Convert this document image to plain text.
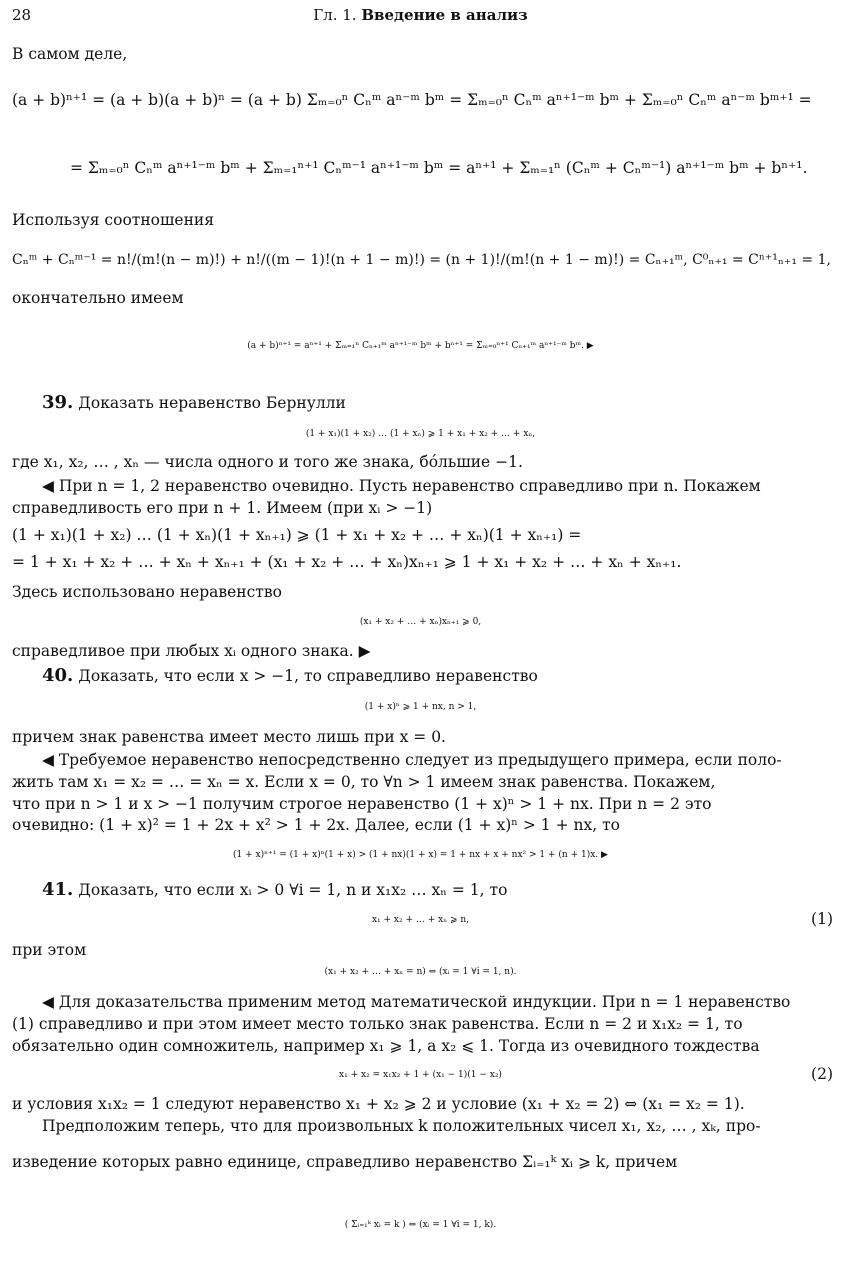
28	Гл. 1. Введение в анализ
В самом деле,
(a + b)ⁿ⁺¹ = (a + b)(a + b)ⁿ = (a + b) Σₘ₌₀ⁿ Cₙᵐ aⁿ⁻ᵐ bᵐ = Σₘ₌₀ⁿ Cₙᵐ aⁿ⁺¹⁻ᵐ bᵐ + Σₘ₌₀ⁿ Cₙᵐ aⁿ⁻ᵐ bᵐ⁺¹ =
= Σₘ₌₀ⁿ Cₙᵐ aⁿ⁺¹⁻ᵐ bᵐ + Σₘ₌₁ⁿ⁺¹ Cₙᵐ⁻¹ aⁿ⁺¹⁻ᵐ bᵐ = aⁿ⁺¹ + Σₘ₌₁ⁿ (Cₙᵐ + Cₙᵐ⁻¹) aⁿ⁺¹⁻ᵐ bᵐ + bⁿ⁺¹.
Используя соотношения
Cₙᵐ + Cₙᵐ⁻¹ = n!/(m!(n − m)!) + n!/((m − 1)!(n + 1 − m)!) = (n + 1)!/(m!(n + 1 − m)!) = Cₙ₊₁ᵐ, C⁰ₙ₊₁ = Cⁿ⁺¹ₙ₊₁ = 1,
окончательно имеем
(a + b)ⁿ⁺¹ = aⁿ⁺¹ + Σₘ₌₁ⁿ Cₙ₊₁ᵐ aⁿ⁺¹⁻ᵐ bᵐ + bⁿ⁺¹ = Σₘ₌₀ⁿ⁺¹ Cₙ₊₁ᵐ aⁿ⁺¹⁻ᵐ bᵐ. ▶
39. Доказать неравенство Бернулли
(1 + x₁)(1 + x₂) … (1 + xₙ) ⩾ 1 + x₁ + x₂ + … + xₙ,
где x₁, x₂, … , xₙ — числа одного и того же знака, бо́льшие −1.
◀ При n = 1, 2 неравенство очевидно. Пусть неравенство справедливо при n. Покажем
справедливость его при n + 1. Имеем (при xᵢ > −1)
(1 + x₁)(1 + x₂) … (1 + xₙ)(1 + xₙ₊₁) ⩾ (1 + x₁ + x₂ + … + xₙ)(1 + xₙ₊₁) =
= 1 + x₁ + x₂ + … + xₙ + xₙ₊₁ + (x₁ + x₂ + … + xₙ)xₙ₊₁ ⩾ 1 + x₁ + x₂ + … + xₙ + xₙ₊₁.
Здесь использовано неравенство
(x₁ + x₂ + … + xₙ)xₙ₊₁ ⩾ 0,
справедливое при любых xᵢ одного знака. ▶
40. Доказать, что если x > −1, то справедливо неравенство
(1 + x)ⁿ ⩾ 1 + nx, n > 1,
причем знак равенства имеет место лишь при x = 0.
◀ Требуемое неравенство непосредственно следует из предыдущего примера, если поло-
жить там x₁ = x₂ = … = xₙ = x. Если x = 0, то ∀n > 1 имеем знак равенства. Покажем,
что при n > 1 и x > −1 получим строгое неравенство (1 + x)ⁿ > 1 + nx. При n = 2 это
очевидно: (1 + x)² = 1 + 2x + x² > 1 + 2x. Далее, если (1 + x)ⁿ > 1 + nx, то
(1 + x)ⁿ⁺¹ = (1 + x)ⁿ(1 + x) > (1 + nx)(1 + x) = 1 + nx + x + nx² > 1 + (n + 1)x. ▶
41. Доказать, что если xᵢ > 0 ∀i = 1, n и x₁x₂ … xₙ = 1, то
x₁ + x₂ + … + xₙ ⩾ n,	(1)
при этом
(x₁ + x₂ + … + xₙ = n) ⇔ (xᵢ = 1 ∀i = 1, n).
◀ Для доказательства применим метод математической индукции. При n = 1 неравенство
(1) справедливо и при этом имеет место только знак равенства. Если n = 2 и x₁x₂ = 1, то
обязательно один сомножитель, например x₁ ⩾ 1, а x₂ ⩽ 1. Тогда из очевидного тождества
x₁ + x₂ = x₁x₂ + 1 + (x₁ − 1)(1 − x₂)	(2)
и условия x₁x₂ = 1 следуют неравенство x₁ + x₂ ⩾ 2 и условие (x₁ + x₂ = 2) ⇔ (x₁ = x₂ = 1).
Предположим теперь, что для произвольных k положительных чисел x₁, x₂, … , xₖ, про-
изведение которых равно единице, справедливо неравенство Σᵢ₌₁ᵏ xᵢ ⩾ k, причем
( Σᵢ₌₁ᵏ xᵢ = k ) ⇔ (xᵢ = 1 ∀i = 1, k).
